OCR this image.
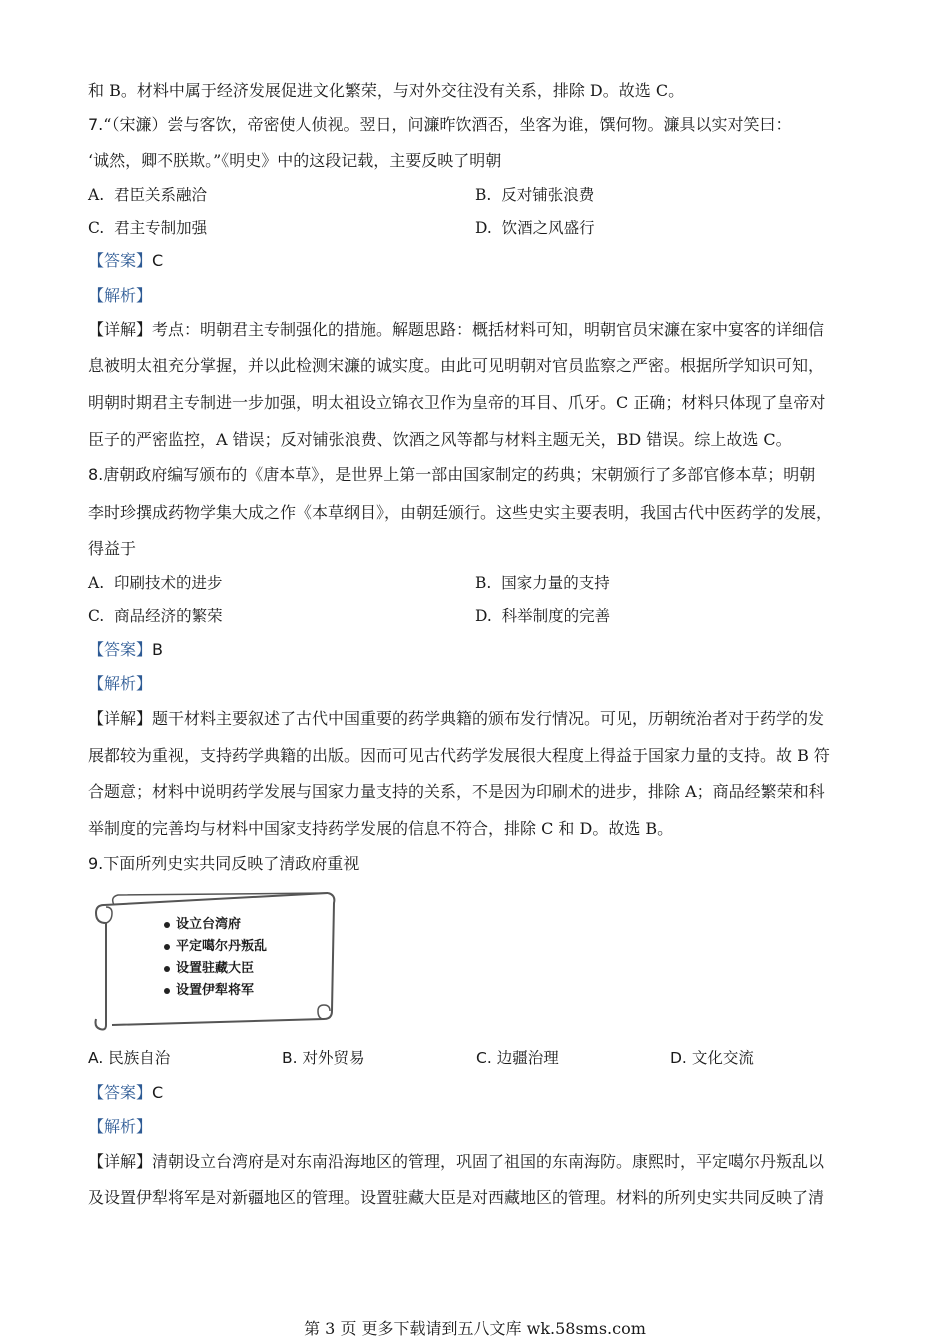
和 B。材料中属于经济发展促进文化繁荣，与对外交往没有关系，排除 D。故选 C。
7.“（宋濂）尝与客饮，帝密使人侦视。翌日，问濂昨饮酒否，坐客为谁，馔何物。濂具以实对笑曰：
‘诚然，卿不朕欺。”《明史》中的这段记载，主要反映了明朝
A. 君臣关系融洽	B. 反对铺张浪费
C. 君主专制加强	D. 饮酒之风盛行
【答案】C
【解析】
【详解】考点：明朝君主专制强化的措施。解题思路：概括材料可知，明朝官员宋濂在家中宴客的详细信
息被明太祖充分掌握，并以此检测宋濂的诚实度。由此可见明朝对官员监察之严密。根据所学知识可知，
明朝时期君主专制进一步加强，明太祖设立锦衣卫作为皇帝的耳目、爪牙。C 正确；材料只体现了皇帝对
臣子的严密监控，A 错误；反对铺张浪费、饮酒之风等都与材料主题无关，BD 错误。综上故选 C。
8.唐朝政府编写颁布的《唐本草》，是世界上第一部由国家制定的药典；宋朝颁行了多部官修本草；明朝
李时珍撰成药物学集大成之作《本草纲目》，由朝廷颁行。这些史实主要表明，我国古代中医药学的发展，
得益于
A. 印刷技术的进步	B. 国家力量的支持
C. 商品经济的繁荣	D. 科举制度的完善
【答案】B
【解析】
【详解】题干材料主要叙述了古代中国重要的药学典籍的颁布发行情况。可见，历朝统治者对于药学的发
展都较为重视，支持药学典籍的出版。因而可见古代药学发展很大程度上得益于国家力量的支持。故 B 符
合题意；材料中说明药学发展与国家力量支持的关系，不是因为印刷术的进步，排除 A；商品经繁荣和科
举制度的完善均与材料中国家支持药学发展的信息不符合，排除 C 和 D。故选 B。
9.下面所列史实共同反映了清政府重视
设立台湾府
平定噶尔丹叛乱
设置驻藏大臣
设置伊犁将军
A. 民族自治	B. 对外贸易	C. 边疆治理	D. 文化交流
【答案】C
【解析】
【详解】清朝设立台湾府是对东南沿海地区的管理，巩固了祖国的东南海防。康熙时，平定噶尔丹叛乱以
及设置伊犁将军是对新疆地区的管理。设置驻藏大臣是对西藏地区的管理。材料的所列史实共同反映了清
第 3 页 更多下载请到五八文库 wk.58sms.com
